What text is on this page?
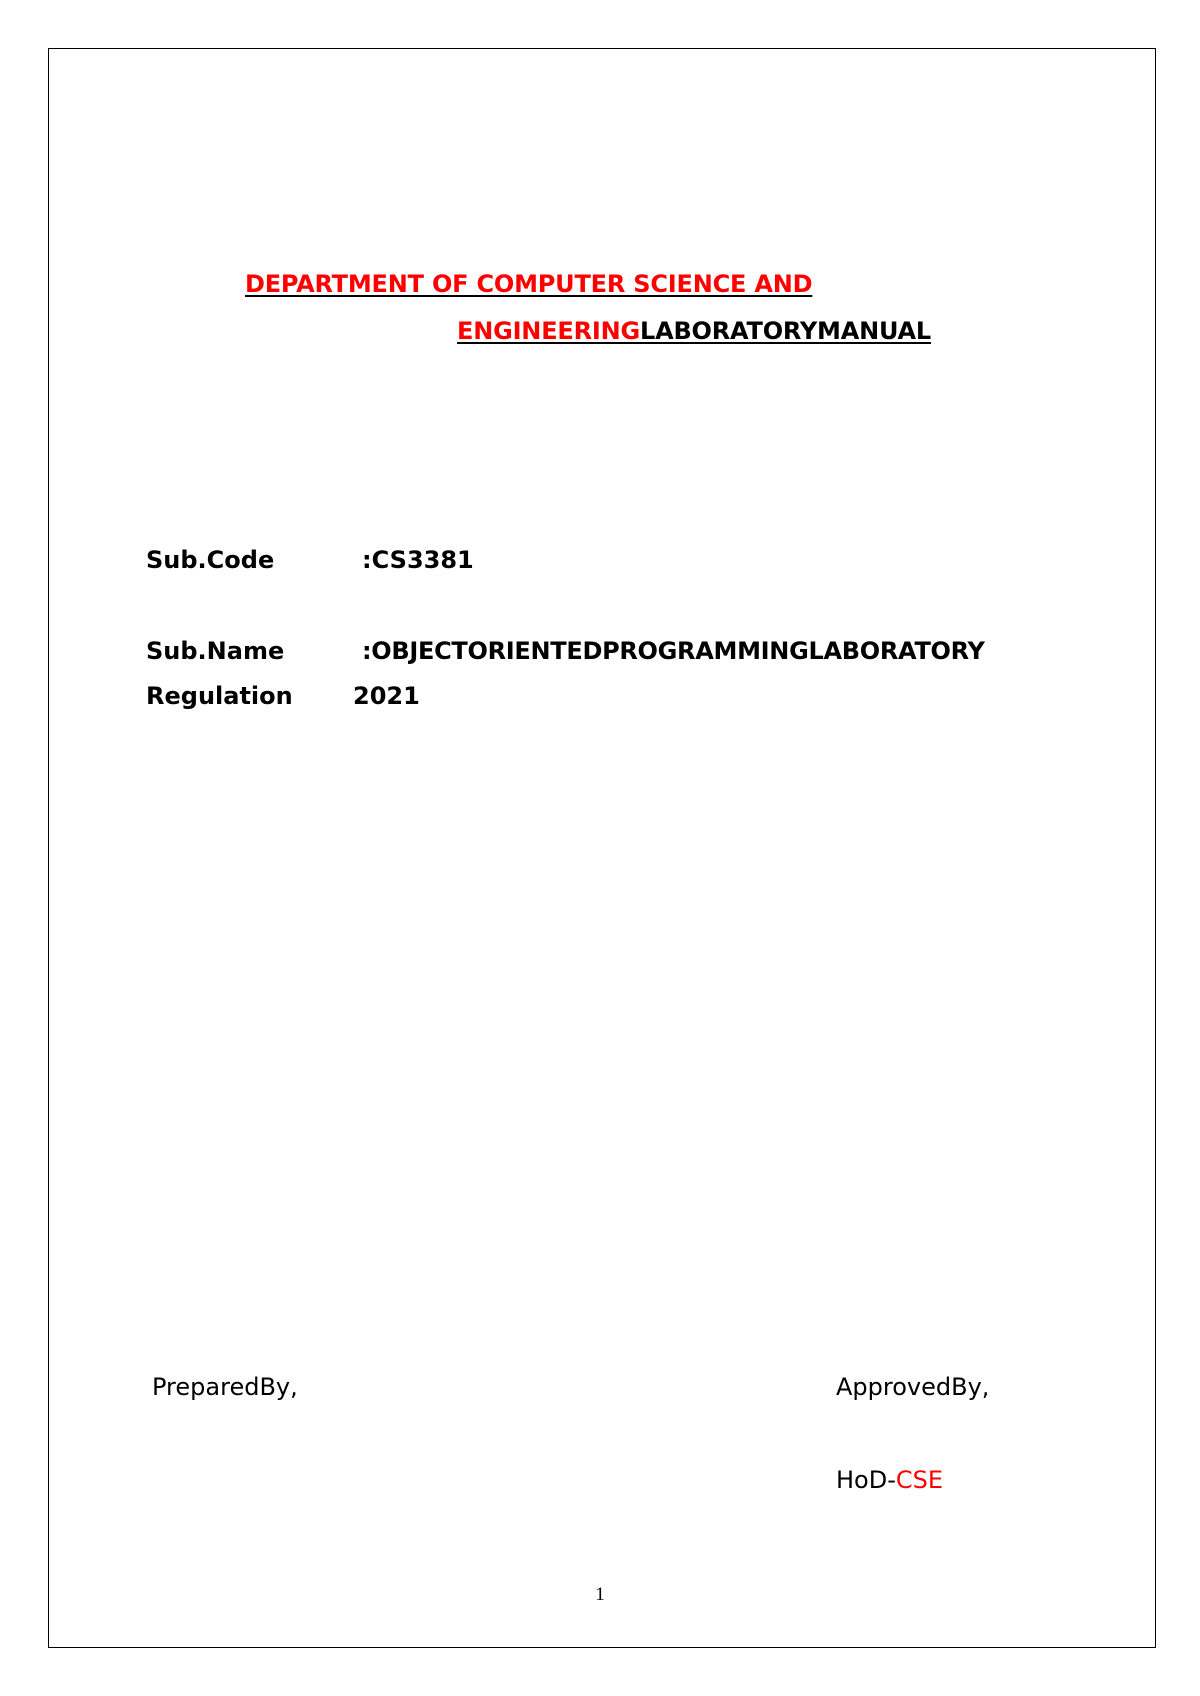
DEPARTMENT OF COMPUTER SCIENCE AND
ENGINEERINGLABORATORYMANUAL
Sub.Code	:CS3381
Sub.Name	:OBJECTORIENTEDPROGRAMMINGLABORATORY
Regulation	2021
PreparedBy,	ApprovedBy,
HoD-CSE
1
